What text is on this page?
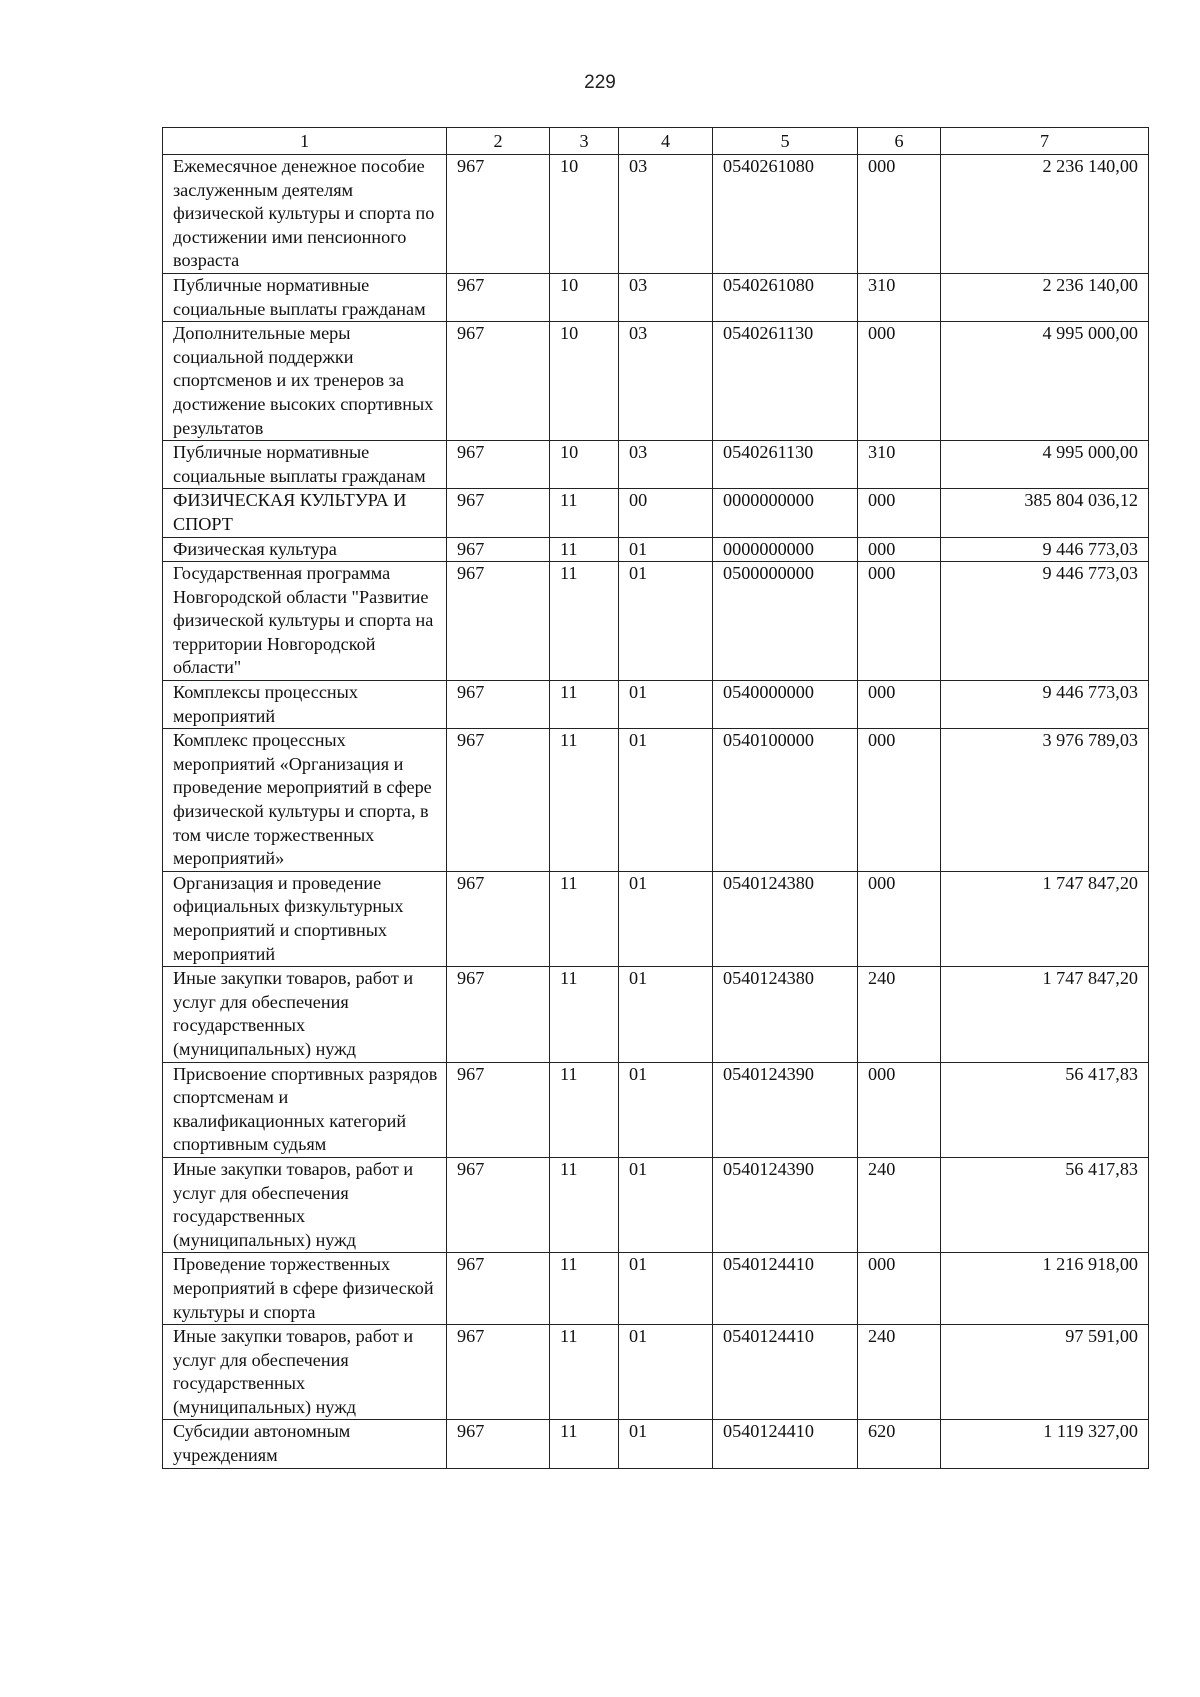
229
1	2	3	4	5	6	7
Ежемесячное денежное пособие заслуженным деятелям физической культуры и спорта по достижении ими пенсионного возраста	967	10	03	0540261080	000	2 236 140,00
Публичные нормативные социальные выплаты гражданам	967	10	03	0540261080	310	2 236 140,00
Дополнительные меры социальной поддержки спортсменов и их тренеров за достижение высоких спортивных результатов	967	10	03	0540261130	000	4 995 000,00
Публичные нормативные социальные выплаты гражданам	967	10	03	0540261130	310	4 995 000,00
ФИЗИЧЕСКАЯ КУЛЬТУРА И СПОРТ	967	11	00	0000000000	000	385 804 036,12
Физическая культура	967	11	01	0000000000	000	9 446 773,03
Государственная программа Новгородской области "Развитие физической культуры и спорта на территории Новгородской области"	967	11	01	0500000000	000	9 446 773,03
Комплексы процессных мероприятий	967	11	01	0540000000	000	9 446 773,03
Комплекс процессных мероприятий «Организация и проведение мероприятий в сфере физической культуры и спорта, в том числе торжественных мероприятий»	967	11	01	0540100000	000	3 976 789,03
Организация и проведение официальных физкультурных мероприятий и спортивных мероприятий	967	11	01	0540124380	000	1 747 847,20
Иные закупки товаров, работ и услуг для обеспечения государственных (муниципальных) нужд	967	11	01	0540124380	240	1 747 847,20
Присвоение спортивных разрядов спортсменам и квалификационных категорий спортивным судьям	967	11	01	0540124390	000	56 417,83
Иные закупки товаров, работ и услуг для обеспечения государственных (муниципальных) нужд	967	11	01	0540124390	240	56 417,83
Проведение торжественных мероприятий в сфере физической культуры и спорта	967	11	01	0540124410	000	1 216 918,00
Иные закупки товаров, работ и услуг для обеспечения государственных (муниципальных) нужд	967	11	01	0540124410	240	97 591,00
Субсидии автономным учреждениям	967	11	01	0540124410	620	1 119 327,00
